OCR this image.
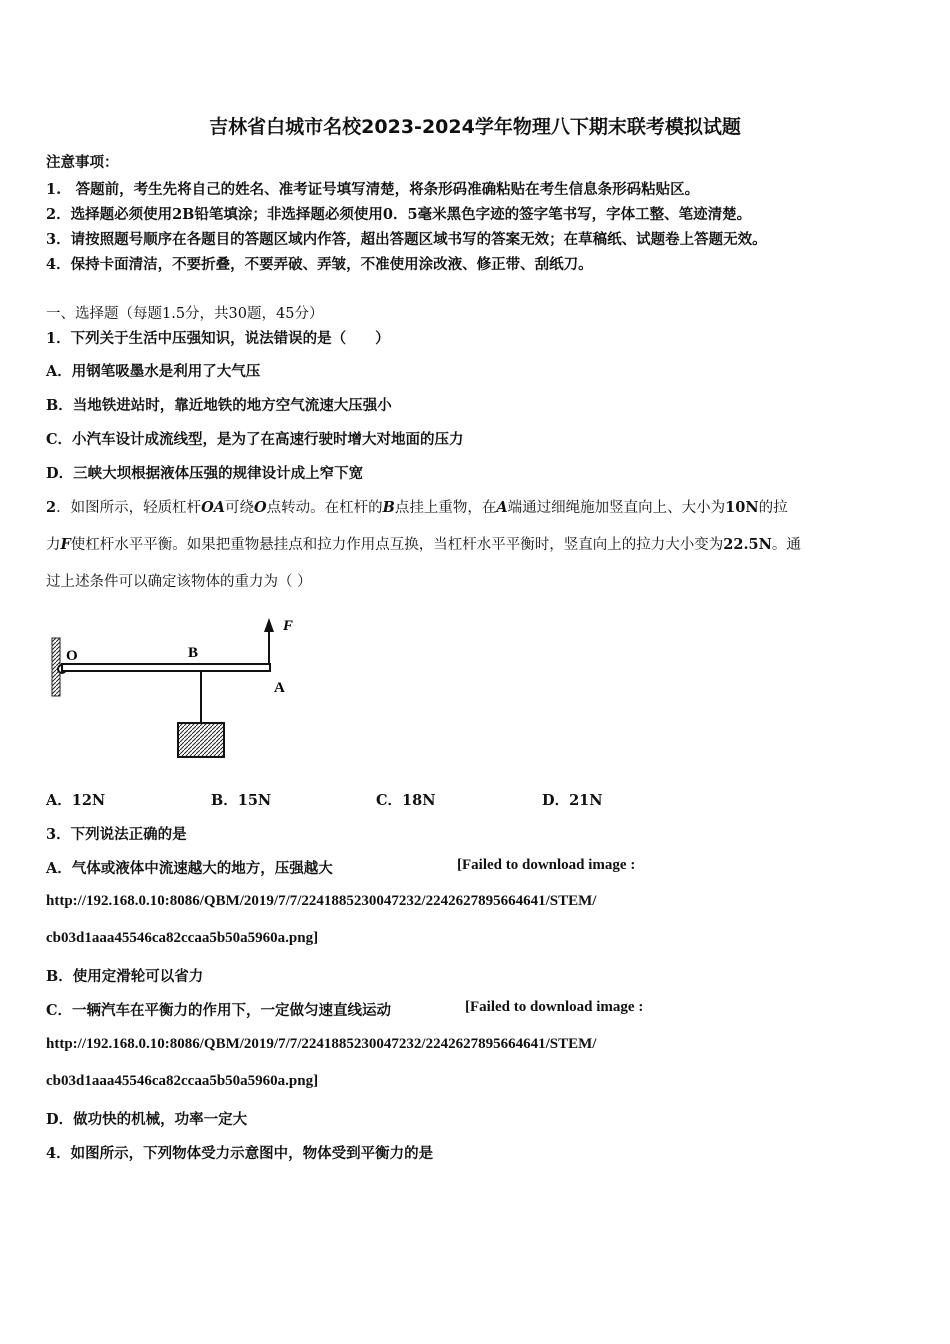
吉林省白城市名校2023-2024学年物理八下期末联考模拟试题
注意事项：
1.　答题前，考生先将自己的姓名、准考证号填写清楚，将条形码准确粘贴在考生信息条形码粘贴区。
2．选择题必须使用2B铅笔填涂；非选择题必须使用0．5毫米黑色字迹的签字笔书写，字体工整、笔迹清楚。
3．请按照题号顺序在各题目的答题区域内作答，超出答题区域书写的答案无效；在草稿纸、试题卷上答题无效。
4．保持卡面清洁，不要折叠，不要弄破、弄皱，不准使用涂改液、修正带、刮纸刀。
一、选择题（每题1.5分，共30题，45分）
1．下列关于生活中压强知识，说法错误的是（　　）
A．用钢笔吸墨水是利用了大气压
B．当地铁进站时，靠近地铁的地方空气流速大压强小
C．小汽车设计成流线型，是为了在高速行驶时增大对地面的压力
D．三峡大坝根据液体压强的规律设计成上窄下宽
2．如图所示，轻质杠杆OA可绕O点转动。在杠杆的B点挂上重物，在A端通过细绳施加竖直向上、大小为10N的拉
力F使杠杆水平平衡。如果把重物悬挂点和拉力作用点互换，当杠杆水平平衡时，竖直向上的拉力大小变为22.5N。通
过上述条件可以确定该物体的重力为（ ）
O	B
A
F
A．12N	B．15N	C．18N	D．21N
3．下列说法正确的是
A．气体或液体中流速越大的地方，压强越大	[Failed to download image :
http://192.168.0.10:8086/QBM/2019/7/7/2241885230047232/2242627895664641/STEM/
cb03d1aaa45546ca82ccaa5b50a5960a.png]
B．使用定滑轮可以省力
C．一辆汽车在平衡力的作用下，一定做匀速直线运动	[Failed to download image :
http://192.168.0.10:8086/QBM/2019/7/7/2241885230047232/2242627895664641/STEM/
cb03d1aaa45546ca82ccaa5b50a5960a.png]
D．做功快的机械，功率一定大
4．如图所示，下列物体受力示意图中，物体受到平衡力的是
